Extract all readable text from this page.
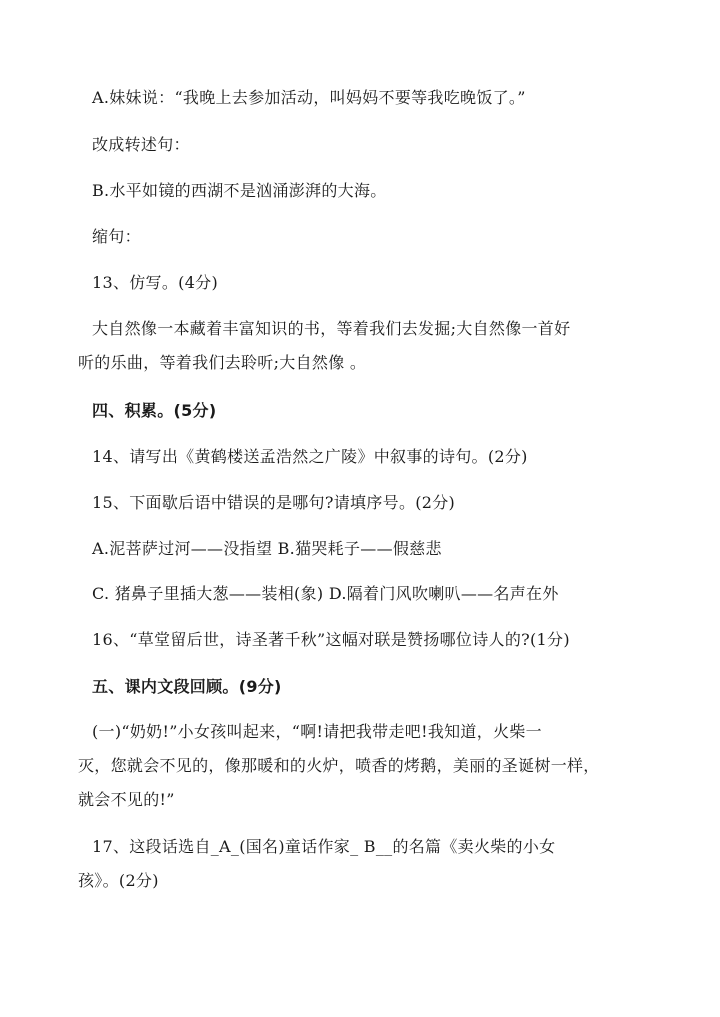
A.妹妹说：“我晚上去参加活动，叫妈妈不要等我吃晚饭了。”
改成转述句：
B.水平如镜的西湖不是汹涌澎湃的大海。
缩句：
13、仿写。(4分)
大自然像一本藏着丰富知识的书，等着我们去发掘;大自然像一首好
听的乐曲，等着我们去聆听;大自然像 。
四、积累。(5分)
14、请写出《黄鹤楼送孟浩然之广陵》中叙事的诗句。(2分)
15、下面歇后语中错误的是哪句?请填序号。(2分)
A.泥菩萨过河——没指望 B.猫哭耗子——假慈悲
C. 猪鼻子里插大葱——装相(象) D.隔着门风吹喇叭——名声在外
16、“草堂留后世，诗圣著千秋”这幅对联是赞扬哪位诗人的?(1分)
五、课内文段回顾。(9分)
(一)“奶奶!”小女孩叫起来，“啊!请把我带走吧!我知道，火柴一
灭，您就会不见的，像那暖和的火炉，喷香的烤鹅，美丽的圣诞树一样，
就会不见的!”
17、这段话选自_A_(国名)童话作家_ B__的名篇《卖火柴的小女
孩》。(2分)
